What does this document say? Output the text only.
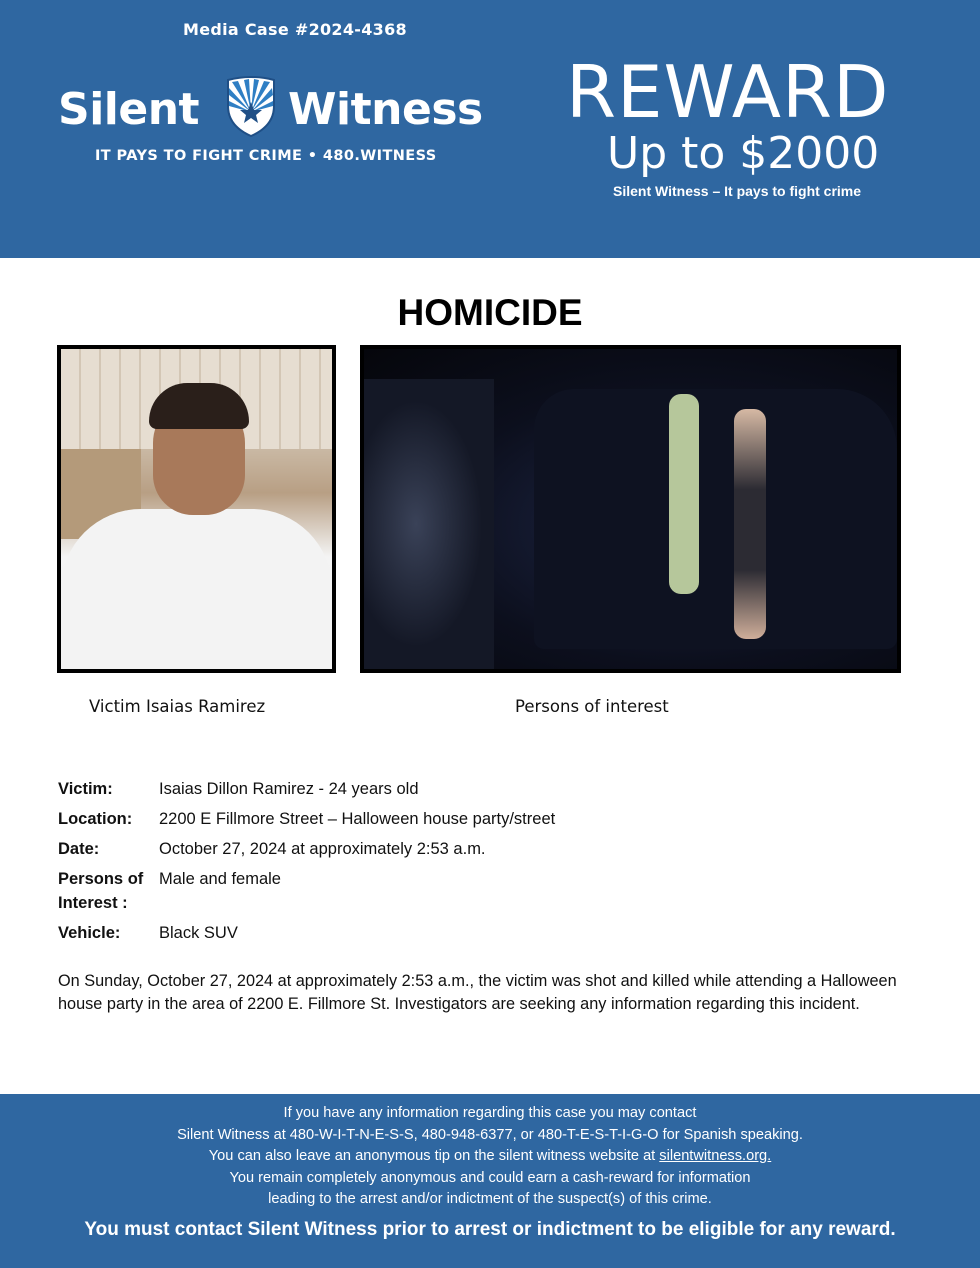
Media Case #2024-4368
Silent Witness
IT PAYS TO FIGHT CRIME • 480.WITNESS
REWARD
Up to $2000
Silent Witness – It pays to fight crime
HOMICIDE
Victim Isaias Ramirez	Persons of interest
Victim:	Isaias Dillon Ramirez - 24 years old
Location:	2200 E Fillmore Street – Halloween house party/street
Date:	October 27, 2024 at approximately 2:53 a.m.
Persons of Interest :
Male and female
Vehicle:	Black SUV
On Sunday, October 27, 2024 at approximately 2:53 a.m., the victim was shot and killed while attending a Halloween house party in the area of 2200 E. Fillmore St. Investigators are seeking any information regarding this incident.
If you have any information regarding this case you may contact
Silent Witness at 480-W-I-T-N-E-S-S, 480-948-6377, or 480-T-E-S-T-I-G-O for Spanish speaking.
You can also leave an anonymous tip on the silent witness website at silentwitness.org.
You remain completely anonymous and could earn a cash-reward for information
leading to the arrest and/or indictment of the suspect(s) of this crime.
You must contact Silent Witness prior to arrest or indictment to be eligible for any reward.
